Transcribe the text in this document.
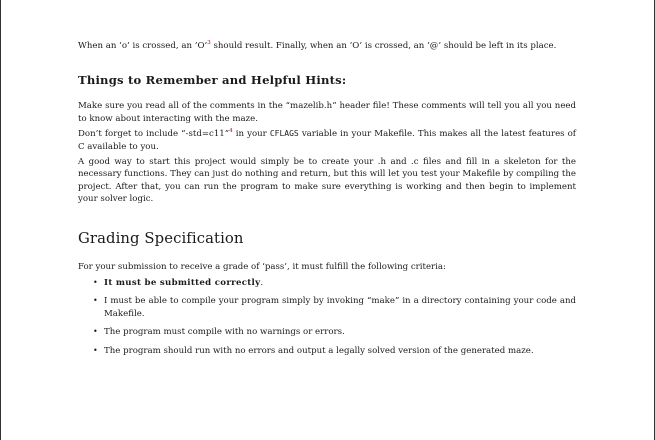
When an ’o’ is crossed, an ’O’$^3$ should result. Finally, when an ’O’ is crossed, an ’@’ should be left in its place.

Things to Remember and Helpful Hints:

Make sure you read all of the comments in the “mazelib.h” header file! These comments will tell you all you need to know about interacting with the maze.

Don’t forget to include “-std=c11”$^4$ in your CFLAGS variable in your Makefile. This makes all the latest features of C available to you.

A good way to start this project would simply be to create your .h and .c files and fill in a skeleton for the necessary functions. They can just do nothing and return, but this will let you test your Makefile by compiling the project. After that, you can run the program to make sure everything is working and then begin to implement your solver logic.

Grading Specification

For your submission to receive a grade of ‘pass’, it must fulfill the following criteria:

• It must be submitted correctly.
• I must be able to compile your program simply by invoking “make” in a directory containing your code and Makefile.
• The program must compile with no warnings or errors.
• The program should run with no errors and output a legally solved version of the generated maze.
